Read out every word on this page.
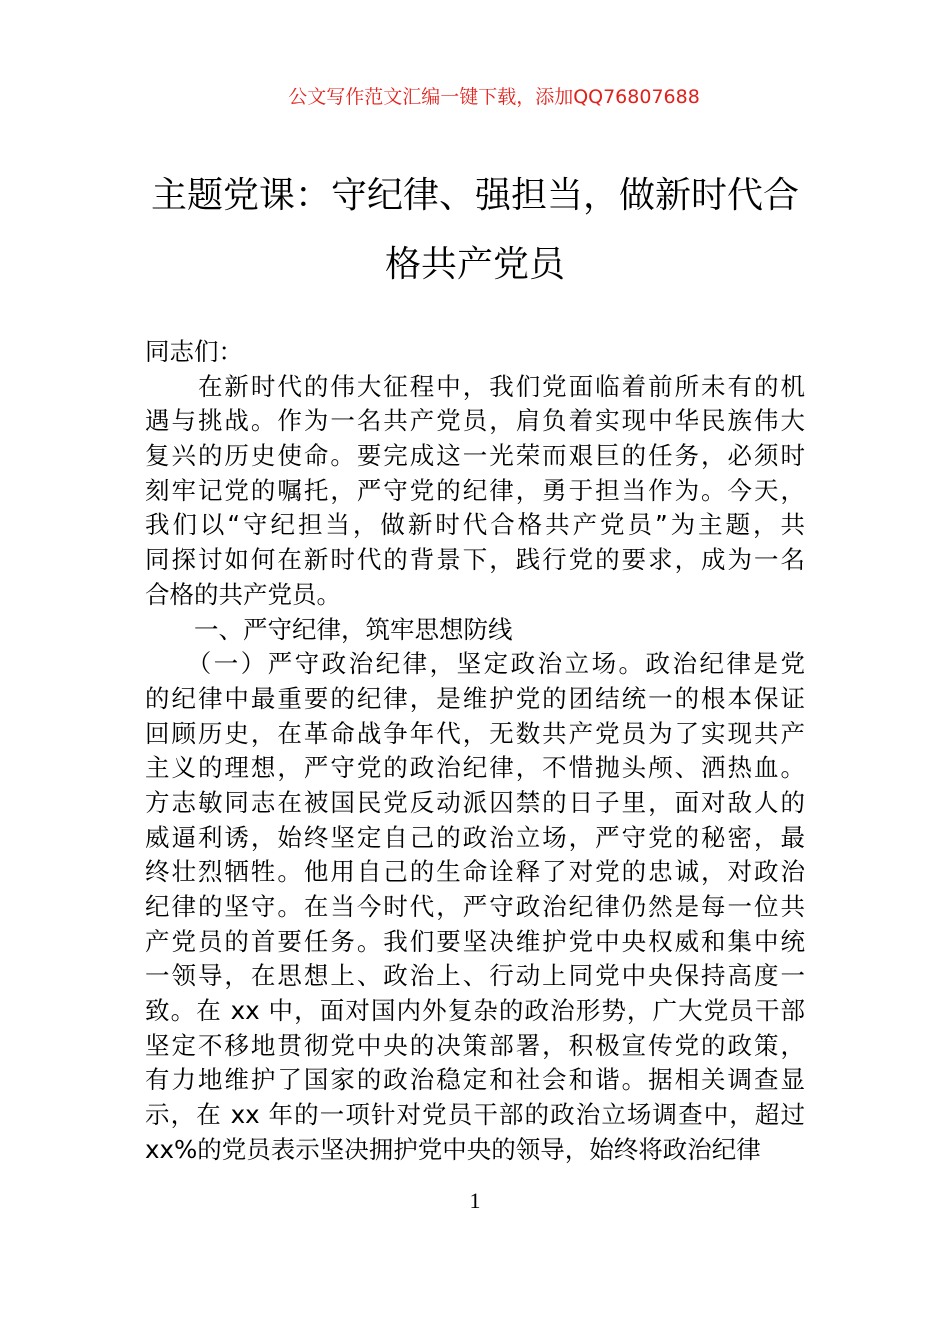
公文写作范文汇编一键下载，添加QQ76807688
主题党课：守纪律、强担当，做新时代合
格共产党员
同志们：
　　在新时代的伟大征程中，我们党面临着前所未有的机
遇与挑战。作为一名共产党员，肩负着实现中华民族伟大
复兴的历史使命。要完成这一光荣而艰巨的任务，必须时
刻牢记党的嘱托，严守党的纪律，勇于担当作为。今天，
我们以“守纪担当，做新时代合格共产党员”为主题，共
同探讨如何在新时代的背景下，践行党的要求，成为一名
合格的共产党员。
　　一、严守纪律，筑牢思想防线
　　（一）严守政治纪律，坚定政治立场。政治纪律是党
的纪律中最重要的纪律，是维护党的团结统一的根本保证
回顾历史，在革命战争年代，无数共产党员为了实现共产
主义的理想，严守党的政治纪律，不惜抛头颅、洒热血。
方志敏同志在被国民党反动派囚禁的日子里，面对敌人的
威逼利诱，始终坚定自己的政治立场，严守党的秘密，最
终壮烈牺牲。他用自己的生命诠释了对党的忠诚，对政治
纪律的坚守。在当今时代，严守政治纪律仍然是每一位共
产党员的首要任务。我们要坚决维护党中央权威和集中统
一领导，在思想上、政治上、行动上同党中央保持高度一
致。在 xx 中，面对国内外复杂的政治形势，广大党员干部
坚定不移地贯彻党中央的决策部署，积极宣传党的政策，
有力地维护了国家的政治稳定和社会和谐。据相关调查显
示，在 xx 年的一项针对党员干部的政治立场调查中，超过
xx%的党员表示坚决拥护党中央的领导，始终将政治纪律
1
